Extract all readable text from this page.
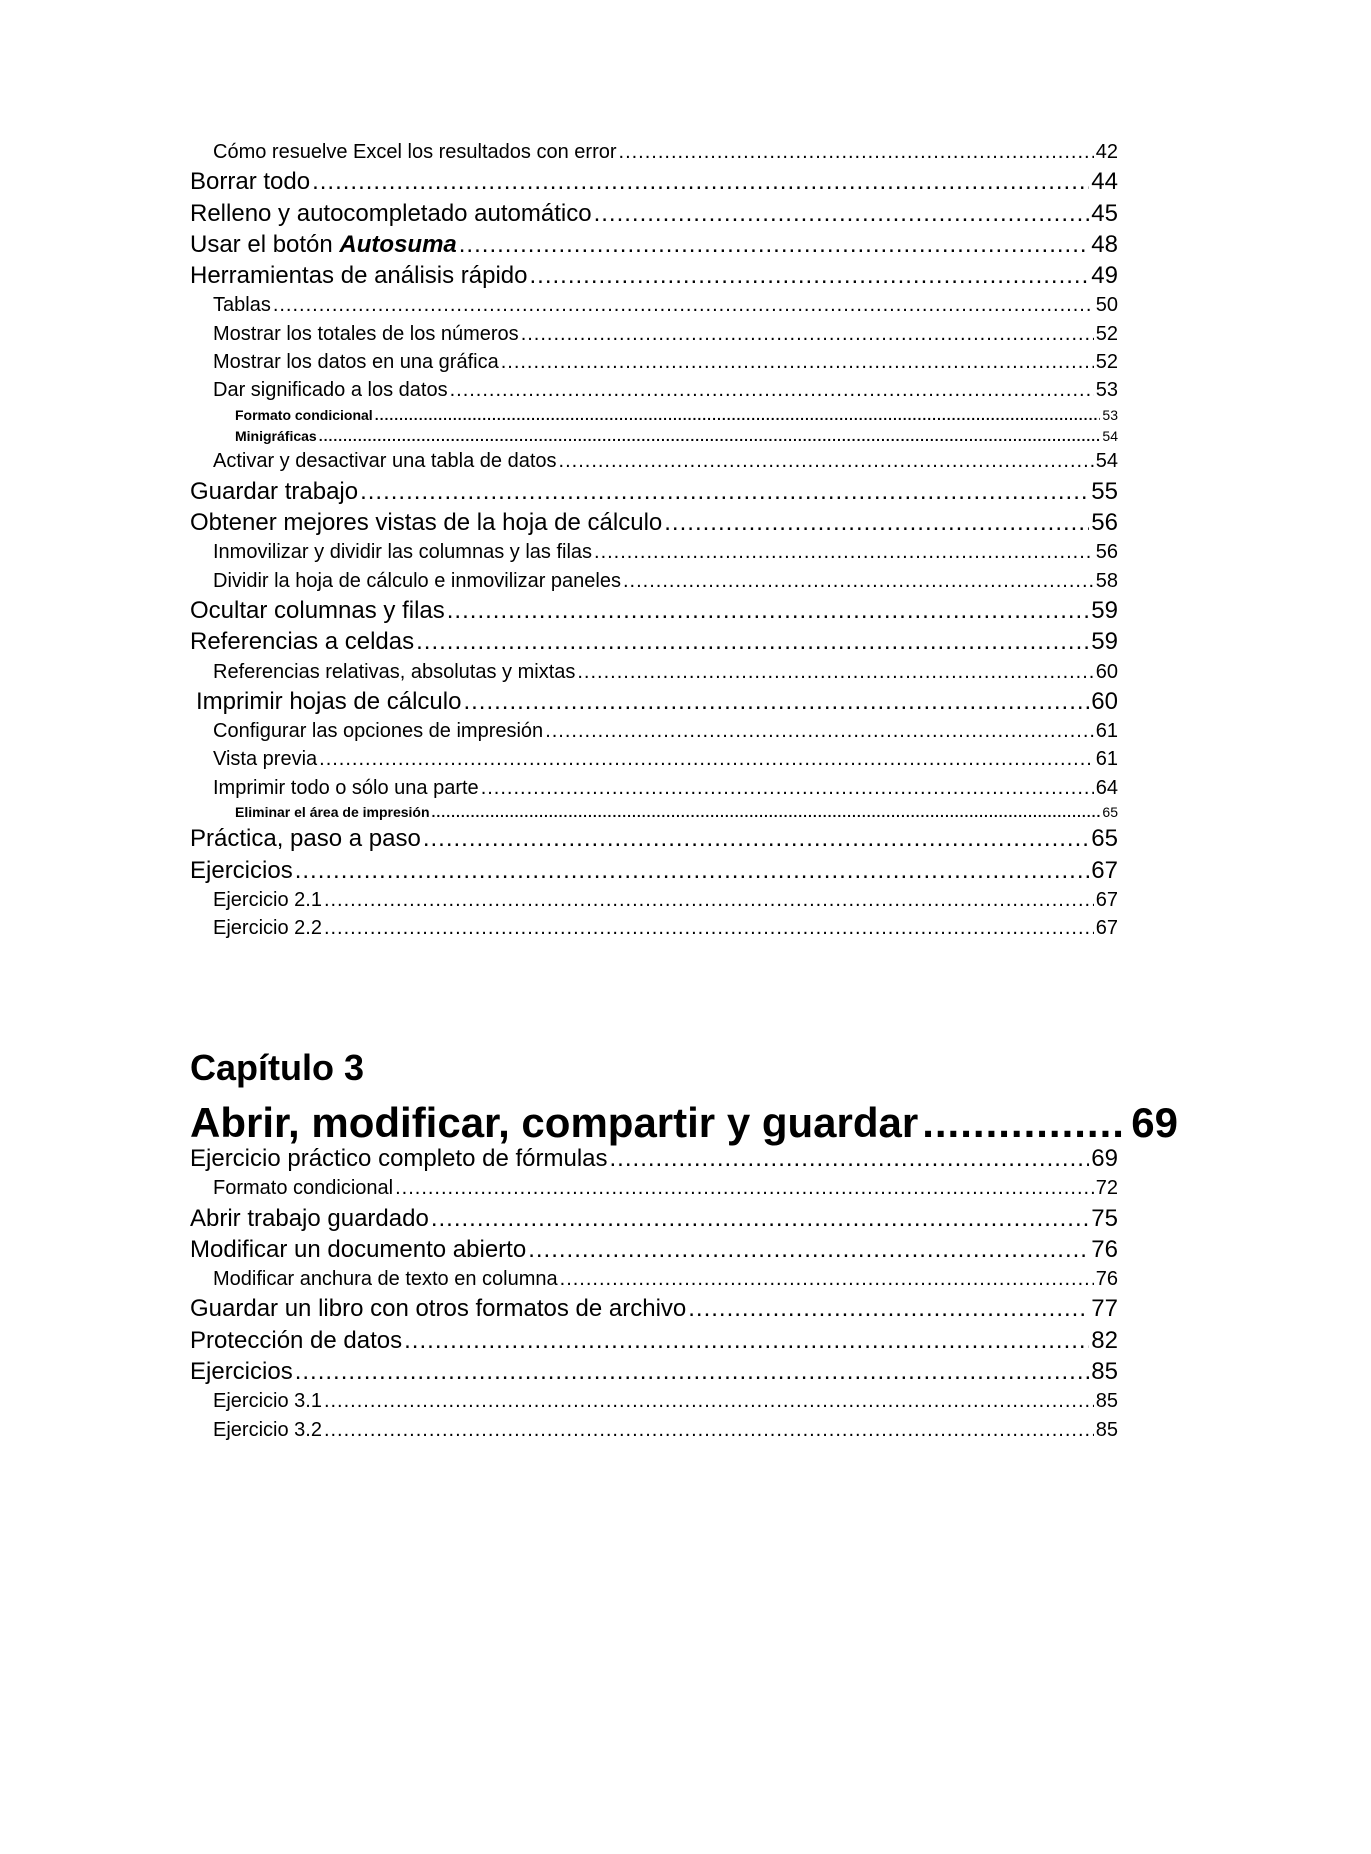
Cómo resuelve Excel los resultados con error .....	42
Borrar todo .....	44
Relleno y autocompletado automático .....	45
Usar el botón Autosuma .....	48
Herramientas de análisis rápido .....	49
Tablas .....	50
Mostrar los totales de los números .....	52
Mostrar los datos en una gráfica .....	52
Dar significado a los datos .....	53
Formato condicional .....	53
Minigráficas .....	54
Activar y desactivar una tabla de datos .....	54
Guardar trabajo .....	55
Obtener mejores vistas de la hoja de cálculo .....	56
Inmovilizar y dividir las columnas y las filas .....	56
Dividir la hoja de cálculo e inmovilizar paneles .....	58
Ocultar columnas y filas .....	59
Referencias a celdas .....	59
Referencias relativas, absolutas y mixtas .....	60
Imprimir hojas de cálculo .....	60
Configurar las opciones de impresión .....	61
Vista previa .....	61
Imprimir todo o sólo una parte .....	64
Eliminar el área de impresión .....	65
Práctica, paso a paso .....	65
Ejercicios .....	67
Ejercicio 2.1 .....	67
Ejercicio 2.2 .....	67
Capítulo 3
Abrir, modificar, compartir y guardar .....	69
Ejercicio práctico completo de fórmulas .....	69
Formato condicional .....	72
Abrir trabajo guardado .....	75
Modificar un documento abierto .....	76
Modificar anchura de texto en columna .....	76
Guardar un libro con otros formatos de archivo .....	77
Protección de datos .....	82
Ejercicios .....	85
Ejercicio 3.1 .....	85
Ejercicio 3.2 .....	85
